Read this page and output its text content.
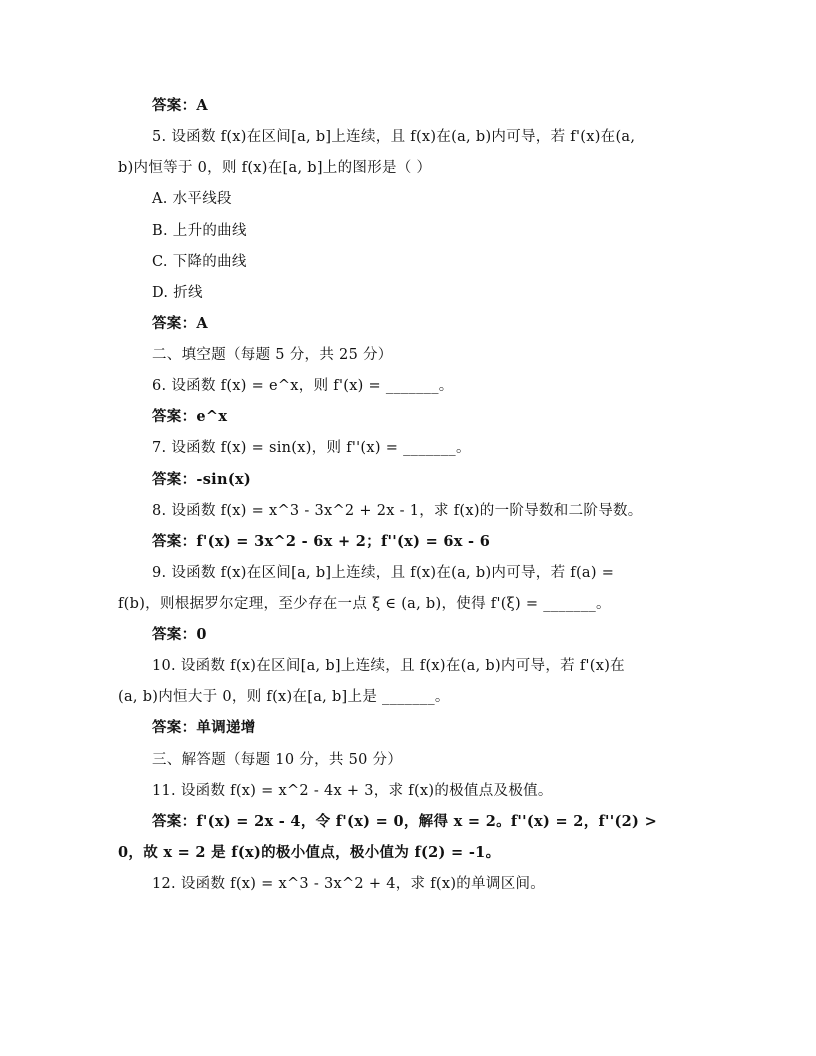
答案：A
5. 设函数 f(x)在区间[a, b]上连续，且 f(x)在(a, b)内可导，若 f'(x)在(a,
b)内恒等于 0，则 f(x)在[a, b]上的图形是（ ）
A. 水平线段
B. 上升的曲线
C. 下降的曲线
D. 折线
答案：A
二、填空题（每题 5 分，共 25 分）
6. 设函数 f(x) = e^x，则 f'(x) = _______。
答案：e^x
7. 设函数 f(x) = sin(x)，则 f''(x) = _______。
答案：-sin(x)
8. 设函数 f(x) = x^3 - 3x^2 + 2x - 1，求 f(x)的一阶导数和二阶导数。
答案：f'(x) = 3x^2 - 6x + 2；f''(x) = 6x - 6
9. 设函数 f(x)在区间[a, b]上连续，且 f(x)在(a, b)内可导，若 f(a) =
f(b)，则根据罗尔定理，至少存在一点 ξ ∈ (a, b)，使得 f'(ξ) = _______。
答案：0
10. 设函数 f(x)在区间[a, b]上连续，且 f(x)在(a, b)内可导，若 f'(x)在
(a, b)内恒大于 0，则 f(x)在[a, b]上是 _______。
答案：单调递增
三、解答题（每题 10 分，共 50 分）
11. 设函数 f(x) = x^2 - 4x + 3，求 f(x)的极值点及极值。
答案：f'(x) = 2x - 4，令 f'(x) = 0，解得 x = 2。f''(x) = 2，f''(2) >
0，故 x = 2 是 f(x)的极小值点，极小值为 f(2) = -1。
12. 设函数 f(x) = x^3 - 3x^2 + 4，求 f(x)的单调区间。
